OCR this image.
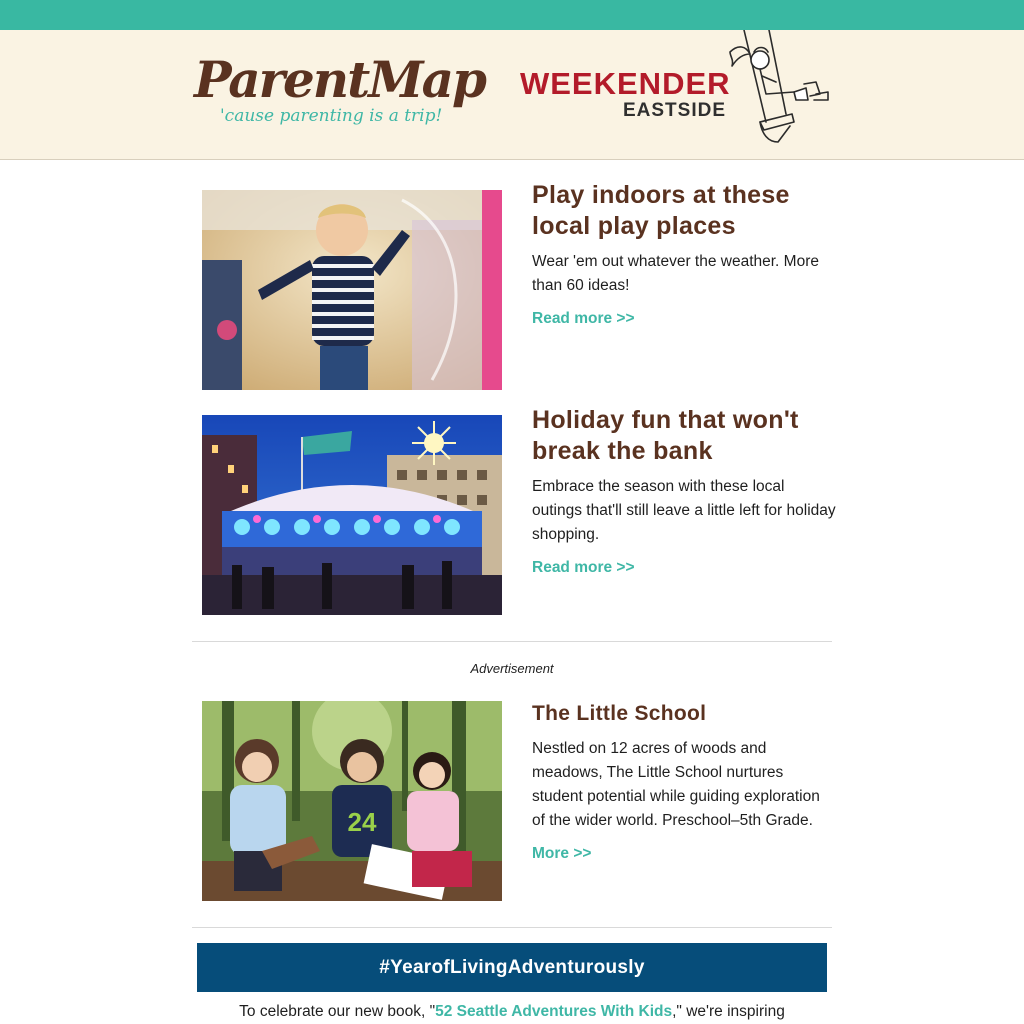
ParentMap
'cause parenting is a trip!
WEEKENDER
EASTSIDE
Play indoors at these local play places

Wear 'em out whatever the weather. More than 60 ideas!

Read more >>
Holiday fun that won't break the bank

Embrace the season with these local outings that'll still leave a little left for holiday shopping.

Read more >>
Advertisement
24
The Little School

Nestled on 12 acres of woods and meadows, The Little School nurtures student potential while guiding exploration of the wider world. Preschool–5th Grade.

More >>
#YearofLivingAdventurously
To celebrate our new book, "52 Seattle Adventures With Kids," we're inspiring
